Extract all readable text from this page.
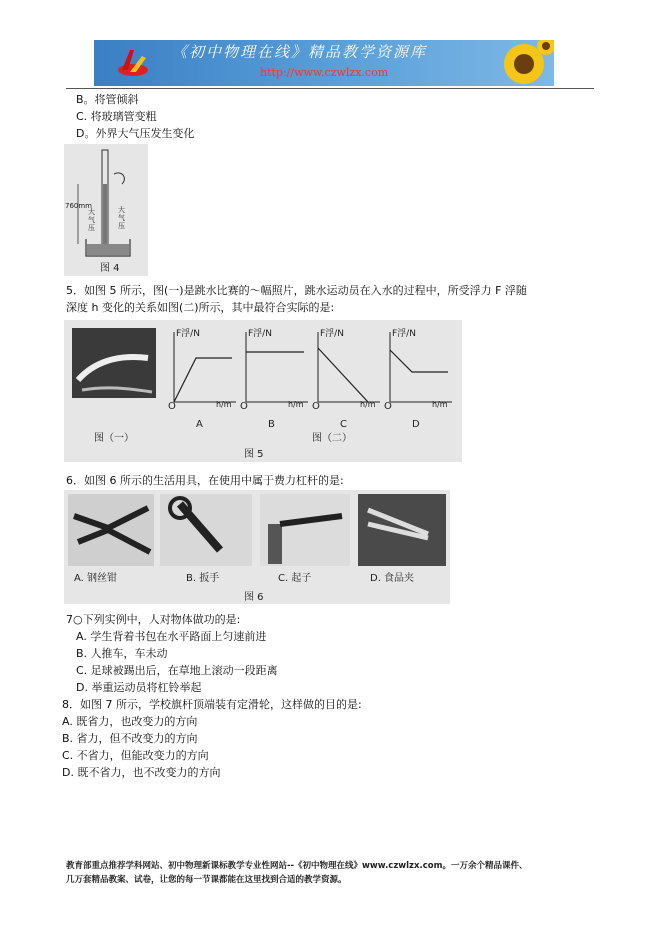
《初中物理在线》精品教学资源库
http://www.czwlzx.com
B。将管倾斜
C. 将玻璃管变粗
D。外界大气压发生变化
760mm
大气压
大气压
图 4
5．如图 5 所示，图(一)是跳水比赛的～幅照片，跳水运动员在入水的过程中，所受浮力 F 浮随
深度 h 变化的关系如图(二)所示，其中最符合实际的是:
F浮/N	F浮/N	F浮/N	F浮/N
h/m	h/m	h/m	h/m
O	O	O	O
A	B	C	D
图（一）	图（二）
图 5
6．如图 6 所示的生活用具，在使用中属于费力杠杆的是:
A. 钢丝钳	B. 扳手	C. 起子	D. 食品夹
图 6
7○下列实例中，人对物体做功的是:
A. 学生背着书包在水平路面上匀速前进
B. 人推车，车未动
C. 足球被踢出后，在草地上滚动一段距离
D. 举重运动员将杠铃举起
8．如图 7 所示，学校旗杆顶端装有定滑轮，这样做的目的是:
A. 既省力，也改变力的方向
B. 省力，但不改变力的方向
C. 不省力，但能改变力的方向
D. 既不省力，也不改变力的方向
教育部重点推荐学科网站、初中物理新课标教学专业性网站--《初中物理在线》www.czwlzx.com。一万余个精品课件、
几万套精品教案、试卷，让您的每一节课都能在这里找到合适的教学资源。
